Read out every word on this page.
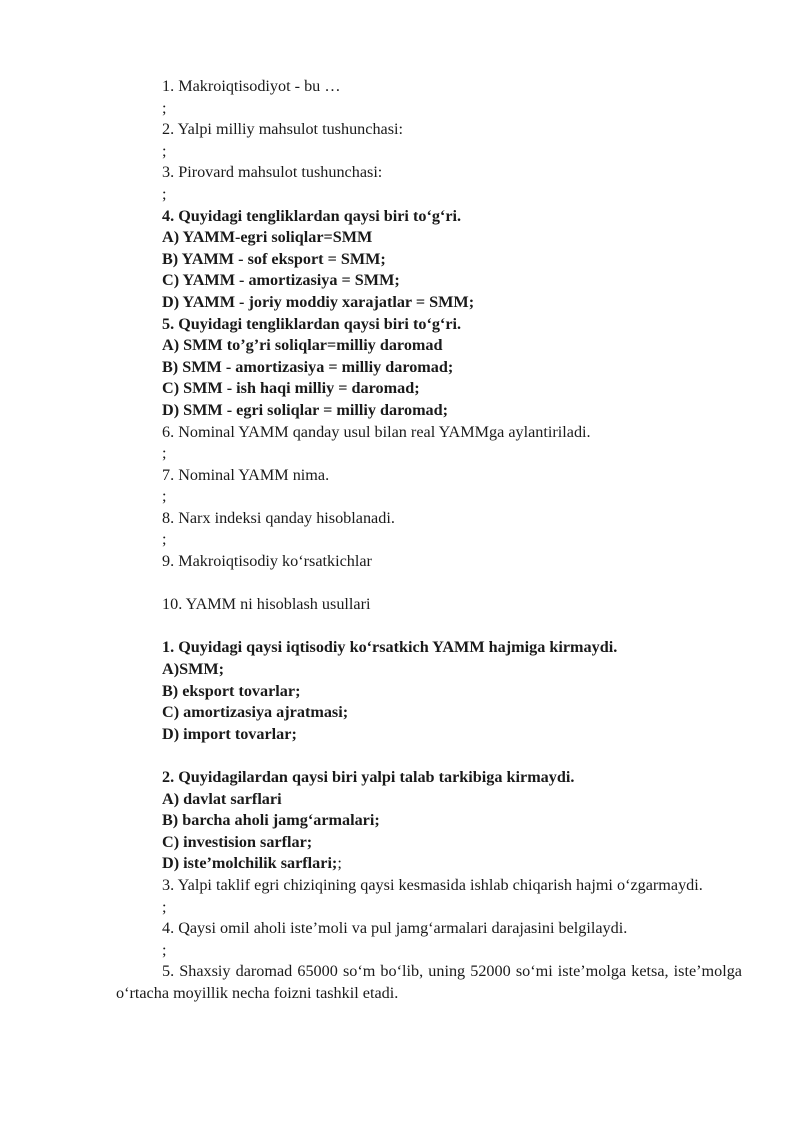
1. Makroiqtisodiyot - bu …
;
2. Yalpi milliy mahsulot tushunchasi:
;
3. Pirovard mahsulot tushunchasi:
;
4. Quyidagi tengliklardan qaysi biri to‘g‘ri.
A) YAMM-egri soliqlar=SMM
B) YAMM - sof eksport = SMM;
C) YAMM - amortizasiya = SMM;
D) YAMM - joriy moddiy xarajatlar = SMM;
5. Quyidagi tengliklardan qaysi biri to‘g‘ri.
A) SMM to’g’ri soliqlar=milliy daromad
B) SMM - amortizasiya = milliy daromad;
C) SMM - ish haqi milliy = daromad;
D) SMM - egri soliqlar = milliy daromad;
6. Nominal YAMM qanday usul bilan real YAMMga aylantiriladi.
;
7. Nominal YAMM nima.
;
8. Narx indeksi qanday hisoblanadi.
;
9. Makroiqtisodiy ko‘rsatkichlar
10. YAMM ni hisoblash usullari
1. Quyidagi qaysi iqtisodiy ko‘rsatkich YAMM hajmiga kirmaydi.
A)SMM;
B) eksport tovarlar;
C) amortizasiya ajratmasi;
D) import tovarlar;
2. Quyidagilardan qaysi biri yalpi talab tarkibiga kirmaydi.
A) davlat sarflari
B) barcha aholi jamg‘armalari;
C) investision sarflar;
D) iste’molchilik sarflari;;
3. Yalpi taklif egri chiziqining qaysi kesmasida ishlab chiqarish hajmi o‘zgarmaydi.
;
4. Qaysi omil aholi iste’moli va pul jamg‘armalari darajasini belgilaydi.
;
5. Shaxsiy daromad 65000 so‘m bo‘lib, uning 52000 so‘mi iste’molga ketsa, iste’molga o‘rtacha moyillik necha foizni tashkil etadi.
